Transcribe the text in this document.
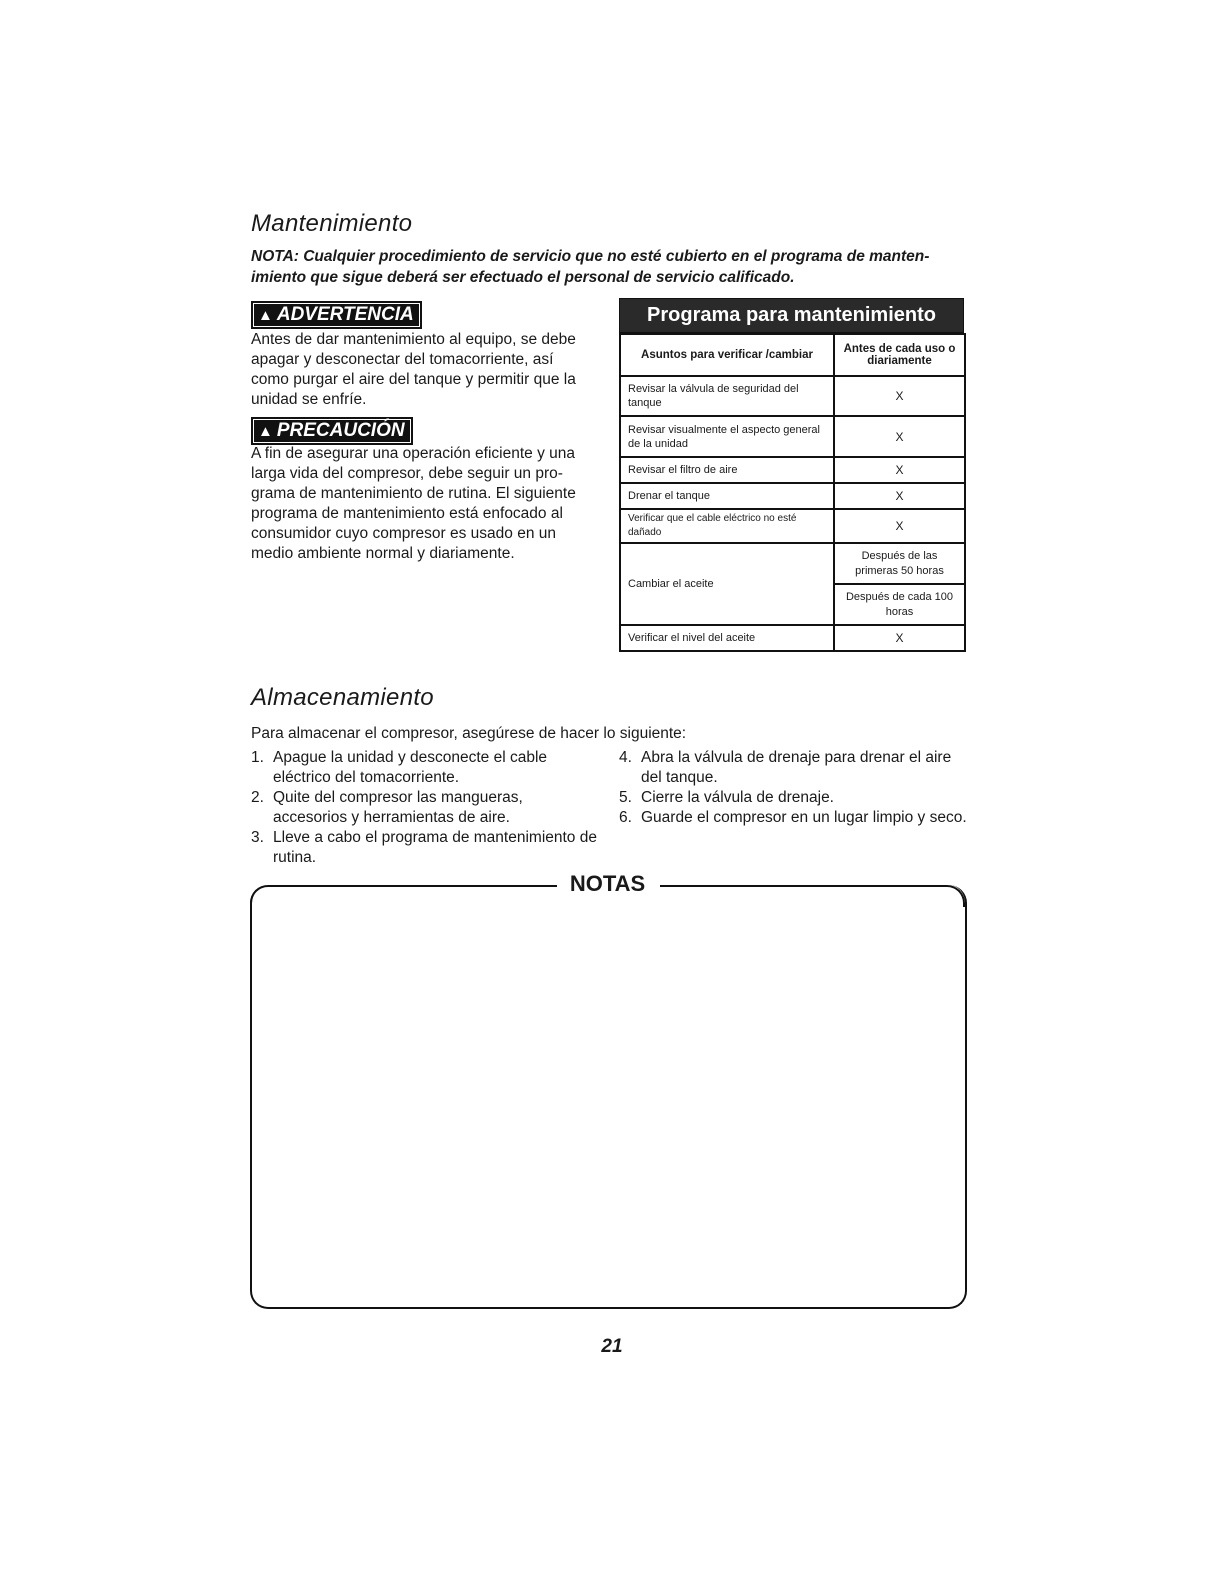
Mantenimiento
NOTA: Cualquier procedimiento de servicio que no esté cubierto en el programa de manten-imiento que sigue deberá ser efectuado el personal de servicio calificado.
▲ ADVERTENCIA
Antes de dar mantenimiento al equipo, se debe apagar y desconectar del tomacorriente, así como purgar el aire del tanque y permitir que la unidad se enfríe.
▲ PRECAUCIÓN
A fin de asegurar una operación eficiente y una larga vida del compresor, debe seguir un pro-grama de mantenimiento de rutina. El siguiente programa de mantenimiento está enfocado al consumidor cuyo compresor es usado en un medio ambiente normal y diariamente.
Programa para mantenimiento
Asuntos para verificar /cambiar	Antes de cada uso o diariamente
Revisar la válvula de seguridad del tanque	X
Revisar visualmente el aspecto general de la unidad	X
Revisar el filtro de aire	X
Drenar el tanque	X
Verificar que el cable eléctrico no esté dañado	X
Cambiar el aceite	Después de las primeras 50 horas
	Después de cada 100 horas
Verificar el nivel del aceite	X
Almacenamiento
Para almacenar el compresor, asegúrese de hacer lo siguiente:
1. Apague la unidad y desconecte el cable eléctrico del tomacorriente.
2. Quite del compresor las mangueras, accesorios y herramientas de aire.
3. Lleve a cabo el programa de mantenimiento de rutina.
4. Abra la válvula de drenaje para drenar el aire del tanque.
5. Cierre la válvula de drenaje.
6. Guarde el compresor en un lugar limpio y seco.
NOTAS
21
